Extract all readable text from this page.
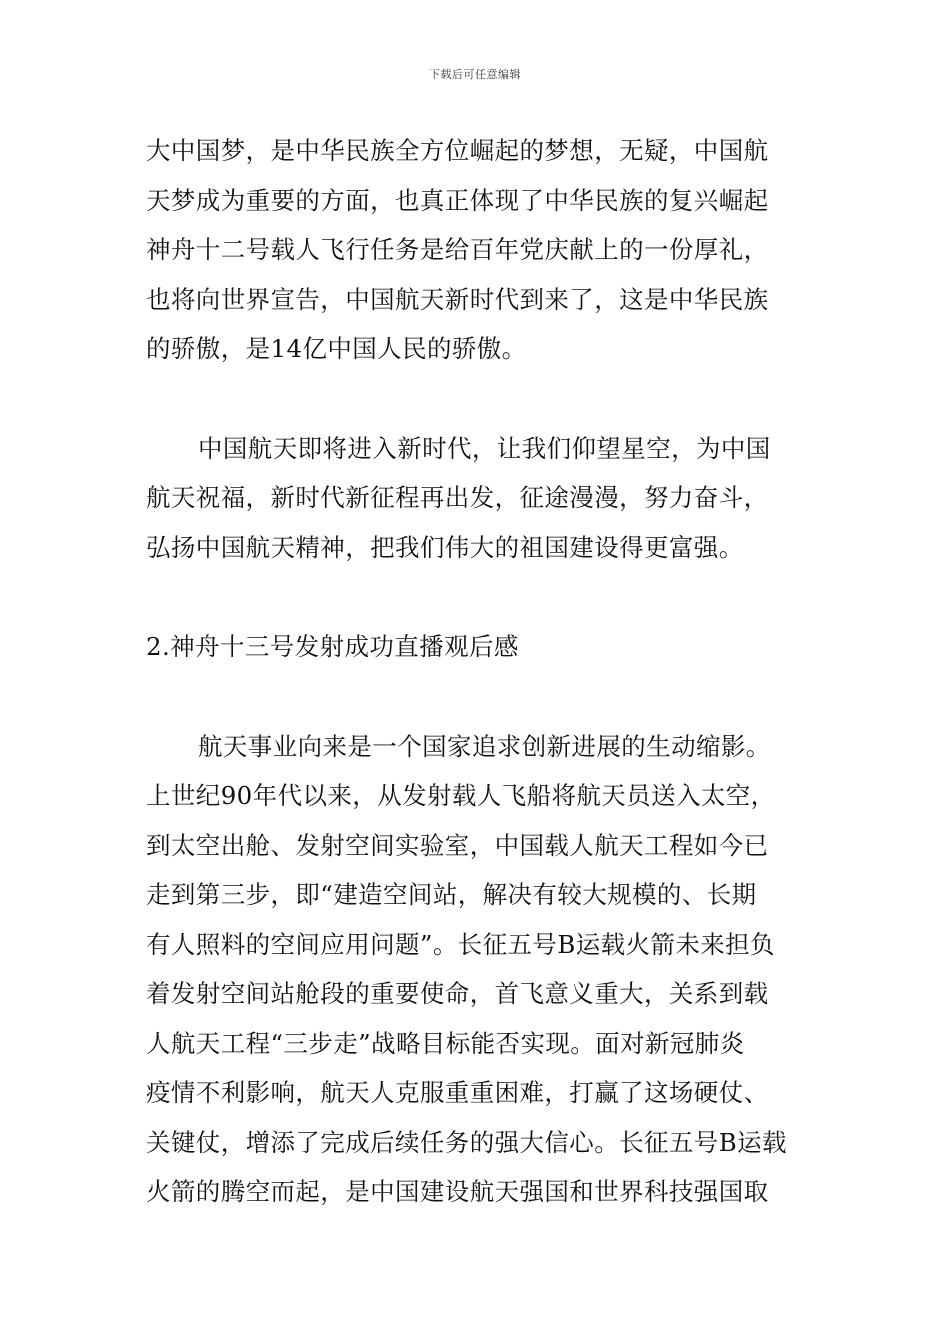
下载后可任意编辑
大中国梦，是中华民族全方位崛起的梦想，无疑，中国航
天梦成为重要的方面，也真正体现了中华民族的复兴崛起
神舟十二号载人飞行任务是给百年党庆献上的一份厚礼，
也将向世界宣告，中国航天新时代到来了，这是中华民族
的骄傲，是14亿中国人民的骄傲。
中国航天即将进入新时代，让我们仰望星空，为中国
航天祝福，新时代新征程再出发，征途漫漫，努力奋斗，
弘扬中国航天精神，把我们伟大的祖国建设得更富强。
2.神舟十三号发射成功直播观后感
航天事业向来是一个国家追求创新进展的生动缩影。
上世纪90年代以来，从发射载人飞船将航天员送入太空，
到太空出舱、发射空间实验室，中国载人航天工程如今已
走到第三步，即“建造空间站，解决有较大规模的、长期
有人照料的空间应用问题”。长征五号B运载火箭未来担负
着发射空间站舱段的重要使命，首飞意义重大，关系到载
人航天工程“三步走”战略目标能否实现。面对新冠肺炎
疫情不利影响，航天人克服重重困难，打赢了这场硬仗、
关键仗，增添了完成后续任务的强大信心。长征五号B运载
火箭的腾空而起，是中国建设航天强国和世界科技强国取
